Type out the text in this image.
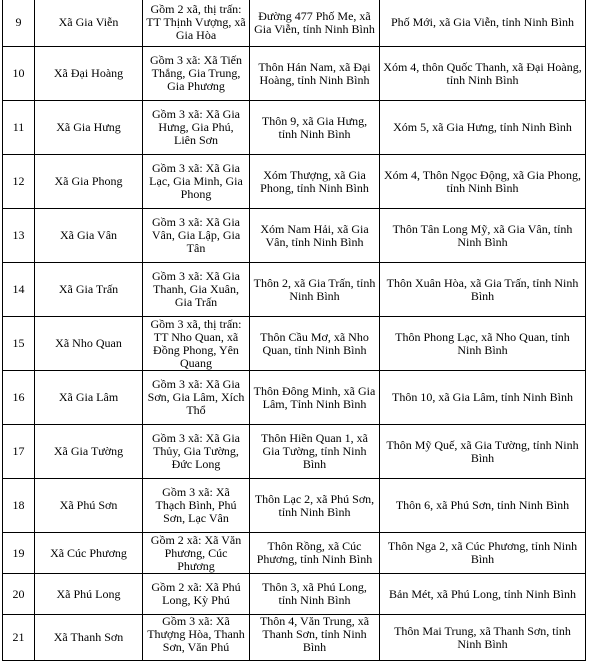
9	Xã Gia Viễn	Gồm 2 xã, thị trấn: TT Thịnh Vượng, xã Gia Hòa	Đường 477 Phố Me, xã Gia Viễn, tỉnh Ninh Bình	Phố Mới, xã Gia Viễn, tỉnh Ninh Bình
10	Xã Đại Hoàng	Gồm 3 xã: Xã Tiến Thắng, Gia Trung, Gia Phương	Thôn Hán Nam, xã Đại Hoàng, tỉnh Ninh Bình	Xóm 4, thôn Quốc Thanh, xã Đại Hoàng, tỉnh Ninh Bình
11	Xã Gia Hưng	Gồm 3 xã: Xã Gia Hưng, Gia Phú, Liên Sơn	Thôn 9, xã Gia Hưng, tỉnh Ninh Bình	Xóm 5, xã Gia Hưng, tỉnh Ninh Bình
12	Xã Gia Phong	Gồm 3 xã: Xã Gia Lạc, Gia Minh, Gia Phong	Xóm Thượng, xã Gia Phong, tỉnh Ninh Bình	Xóm 4, Thôn Ngọc Động, xã Gia Phong, tỉnh Ninh Bình
13	Xã Gia Vân	Gồm 3 xã: Xã Gia Vân, Gia Lập, Gia Tân	Xóm Nam Hải, xã Gia Vân, tỉnh Ninh Bình	Thôn Tân Long Mỹ, xã Gia Vân, tỉnh Ninh Bình
14	Xã Gia Trấn	Gồm 3 xã: Xã Gia Thanh, Gia Xuân, Gia Trấn	Thôn 2, xã Gia Trấn, tỉnh Ninh Bình	Thôn Xuân Hòa, xã Gia Trấn, tỉnh Ninh Bình
15	Xã Nho Quan	Gồm 3 xã, thị trấn: TT Nho Quan, xã Đồng Phong, Yên Quang	Thôn Cầu Mơ, xã Nho Quan, tỉnh Ninh Bình	Thôn Phong Lạc, xã Nho Quan, tỉnh Ninh Bình
16	Xã Gia Lâm	Gồm 3 xã: Xã Gia Sơn, Gia Lâm, Xích Thổ	Thôn Đông Minh, xã Gia Lâm, Tỉnh Ninh Bình	Thôn 10, xã Gia Lâm, tỉnh Ninh Bình
17	Xã Gia Tường	Gồm 3 xã: Xã Gia Thủy, Gia Tường, Đức Long	Thôn Hiền Quan 1, xã Gia Tường, tỉnh Ninh Bình	Thôn Mỹ Quế, xã Gia Tường, tỉnh Ninh Bình
18	Xã Phú Sơn	Gồm 3 xã: Xã Thạch Bình, Phú Sơn, Lạc Vân	Thôn Lạc 2, xã Phú Sơn, tỉnh Ninh Bình	Thôn 6, xã Phú Sơn, tỉnh Ninh Bình
19	Xã Cúc Phương	Gồm 2 xã: Xã Văn Phương, Cúc Phương	Thôn Rồng, xã Cúc Phương, tỉnh Ninh Bình	Thôn Nga 2, xã Cúc Phương, tỉnh Ninh Bình
20	Xã Phú Long	Gồm 2 xã: Xã Phú Long, Kỳ Phú	Thôn 3, xã Phú Long, tỉnh Ninh Bình	Bản Mét, xã Phú Long, tỉnh Ninh Bình
21	Xã Thanh Sơn	Gồm 3 xã: Xã Thượng Hòa, Thanh Sơn, Văn Phú	Thôn 4, Văn Trung, xã Thanh Sơn, tỉnh Ninh Bình	Thôn Mai Trung, xã Thanh Sơn, tỉnh Ninh Bình
